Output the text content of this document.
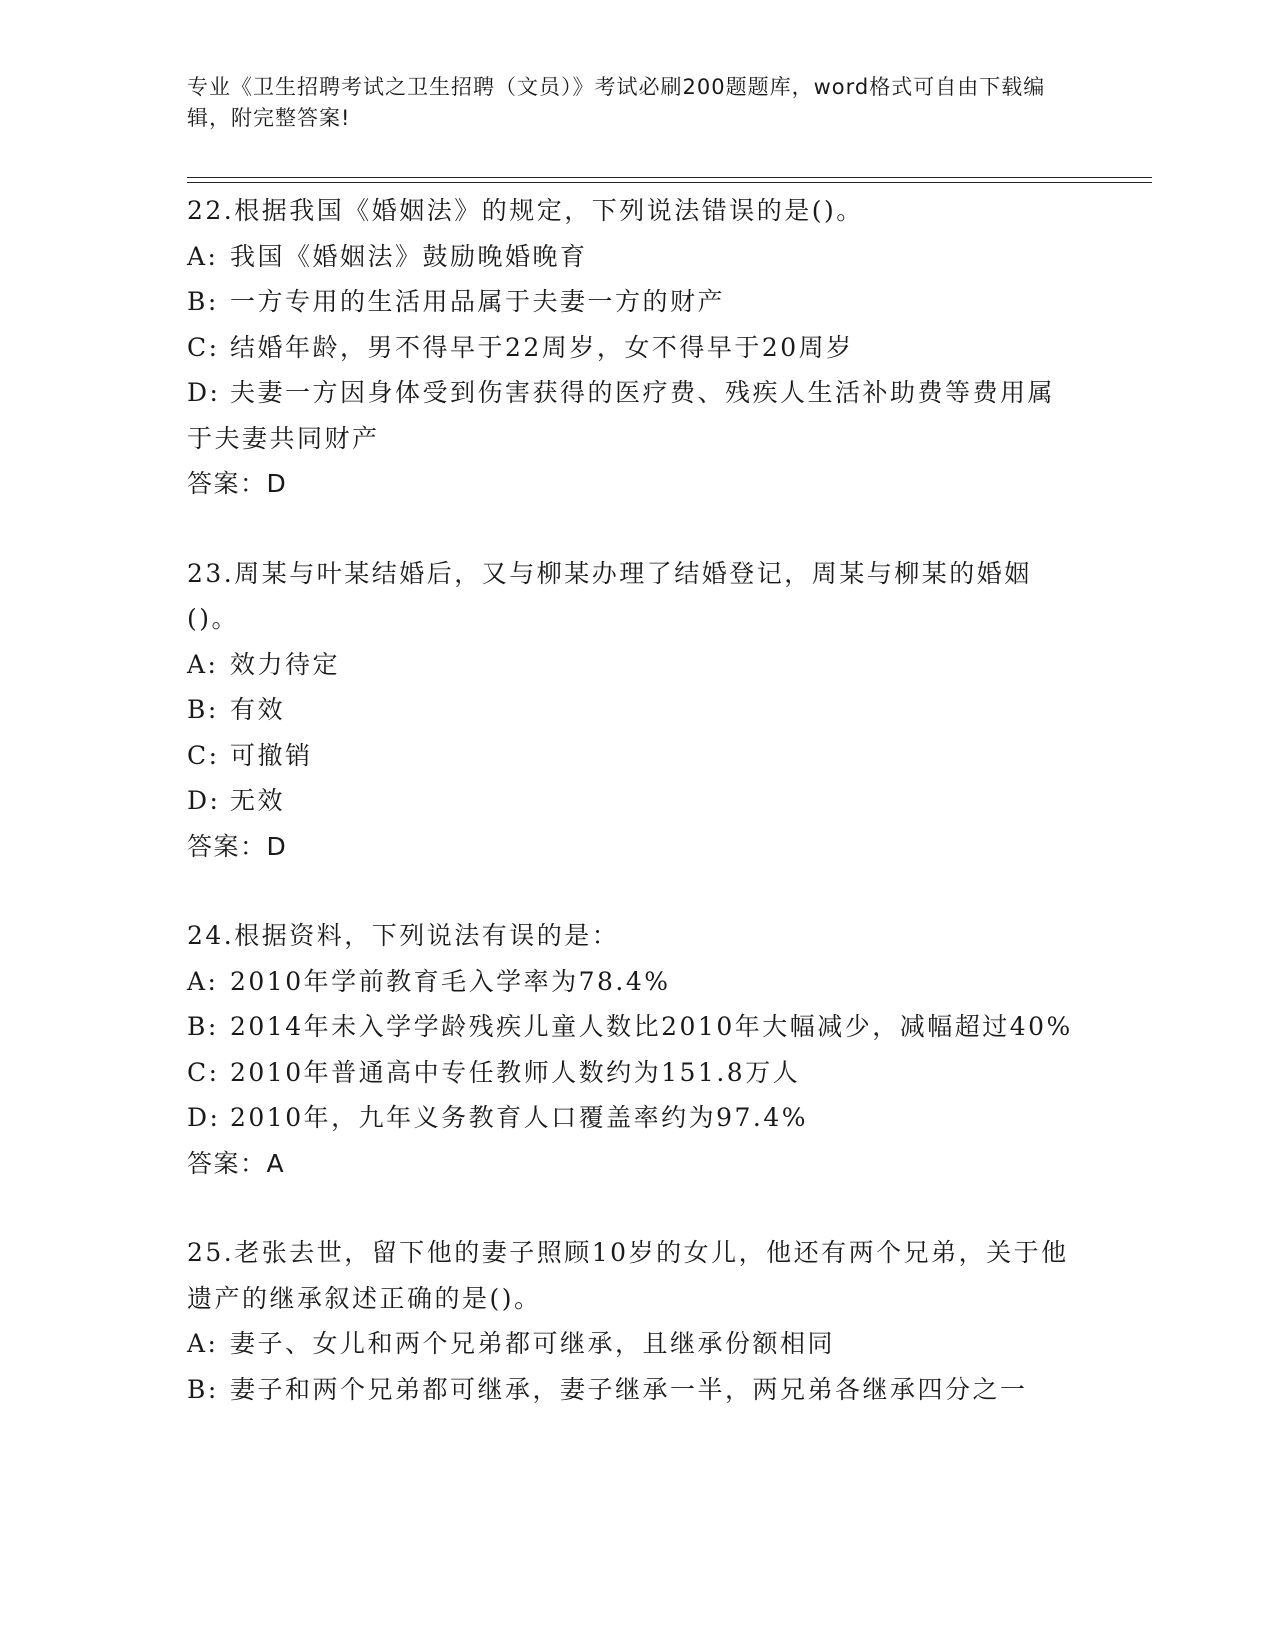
专业《卫生招聘考试之卫生招聘（文员）》考试必刷200题题库，word格式可自由下载编辑，附完整答案!
22.根据我国《婚姻法》的规定，下列说法错误的是()。
A: 我国《婚姻法》鼓励晚婚晚育
B: 一方专用的生活用品属于夫妻一方的财产
C: 结婚年龄，男不得早于22周岁，女不得早于20周岁
D: 夫妻一方因身体受到伤害获得的医疗费、残疾人生活补助费等费用属于夫妻共同财产
答案：D
23.周某与叶某结婚后，又与柳某办理了结婚登记，周某与柳某的婚姻()。
A: 效力待定
B: 有效
C: 可撤销
D: 无效
答案：D
24.根据资料，下列说法有误的是：
A: 2010年学前教育毛入学率为78.4%
B: 2014年未入学学龄残疾儿童人数比2010年大幅减少，减幅超过40%
C: 2010年普通高中专任教师人数约为151.8万人
D: 2010年，九年义务教育人口覆盖率约为97.4%
答案：A
25.老张去世，留下他的妻子照顾10岁的女儿，他还有两个兄弟，关于他遗产的继承叙述正确的是()。
A: 妻子、女儿和两个兄弟都可继承，且继承份额相同
B: 妻子和两个兄弟都可继承，妻子继承一半，两兄弟各继承四分之一
